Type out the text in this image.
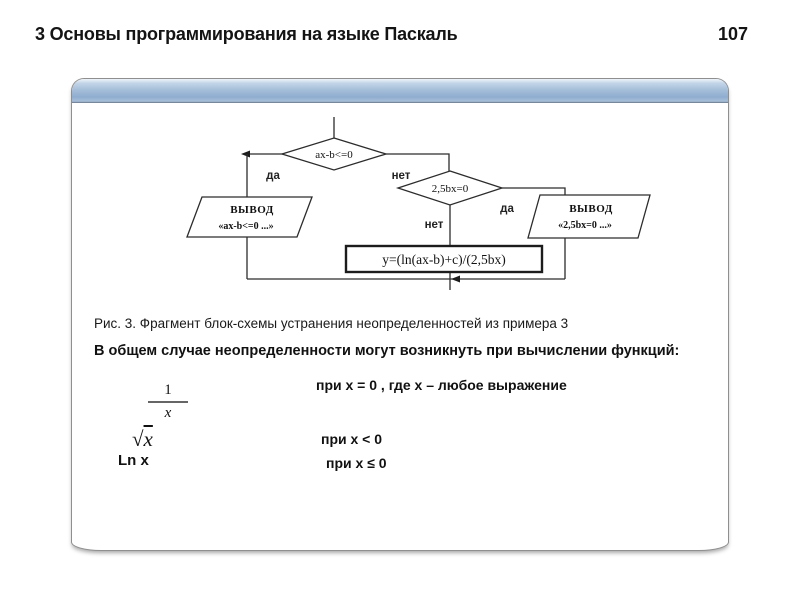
3 Основы программирования на языке Паскаль	107
ax-b<=0
да	нет
2,5bx=0
да
нет
ВЫВОД
«ax-b<=0 ...»
ВЫВОД
«2,5bx=0 ...»
y=(ln(ax-b)+c)/(2,5bx)
Рис. 3. Фрагмент блок-схемы устранения неопределенностей из примера 3
В общем случае неопределенности могут возникнуть при вычислении функций:
$\frac{1}{x}$	при x = 0 , где x – любое выражение
√x	при x < 0
Ln x	при x ≤ 0
